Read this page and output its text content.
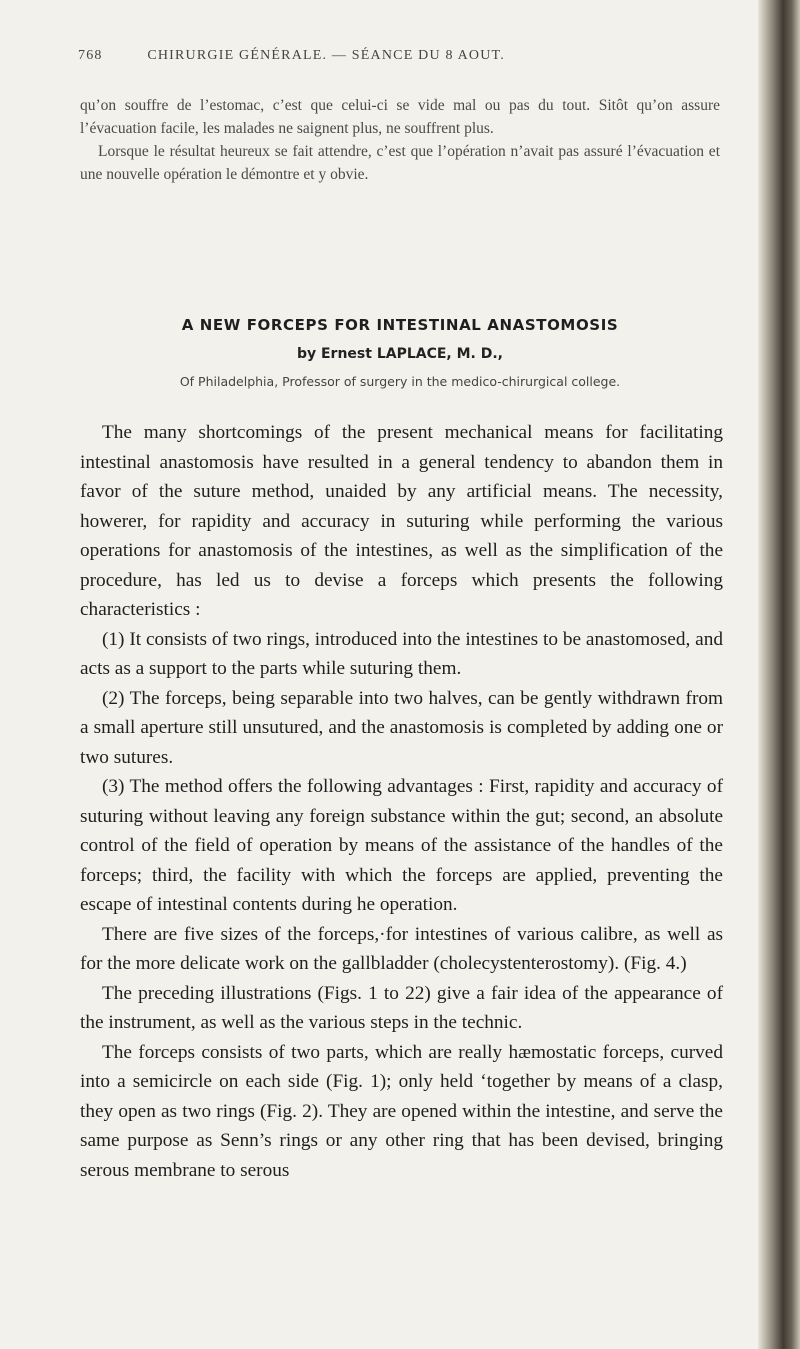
768	CHIRURGIE GÉNÉRALE. — SÉANCE DU 8 AOUT.

qu’on souffre de l’estomac, c’est que celui-ci se vide mal ou pas du tout. Sitôt qu’on assure l’évacuation facile, les malades ne saignent plus, ne souffrent plus.

Lorsque le résultat heureux se fait attendre, c’est que l’opération n’avait pas assuré l’évacuation et une nouvelle opération le démontre et y obvie.

A NEW FORCEPS FOR INTESTINAL ANASTOMOSIS
by Ernest LAPLACE, M. D.,
Of Philadelphia, Professor of surgery in the medico-chirurgical college.

The many shortcomings of the present mechanical means for facilitating intestinal anastomosis have resulted in a general tendency to abandon them in favor of the suture method, unaided by any artificial means. The necessity, howerer, for rapidity and accuracy in suturing while performing the various operations for anastomosis of the intestines, as well as the simplification of the procedure, has led us to devise a forceps which presents the following characteristics :

(1) It consists of two rings, introduced into the intestines to be anastomosed, and acts as a support to the parts while suturing them.

(2) The forceps, being separable into two halves, can be gently withdrawn from a small aperture still unsutured, and the anastomosis is completed by adding one or two sutures.

(3) The method offers the following advantages : First, rapidity and accuracy of suturing without leaving any foreign substance within the gut; second, an absolute control of the field of operation by means of the assistance of the handles of the forceps; third, the facility with which the forceps are applied, preventing the escape of intestinal contents during he operation.

There are five sizes of the forceps,·for intestines of various calibre, as well as for the more delicate work on the gallbladder (cholecystenterostomy). (Fig. 4.)

The preceding illustrations (Figs. 1 to 22) give a fair idea of the appearance of the instrument, as well as the various steps in the technic.

The forceps consists of two parts, which are really hæmostatic forceps, curved into a semicircle on each side (Fig. 1); only held ‘together by means of a clasp, they open as two rings (Fig. 2). They are opened within the intestine, and serve the same purpose as Senn’s rings or any other ring that has been devised, bringing serous membrane to serous
